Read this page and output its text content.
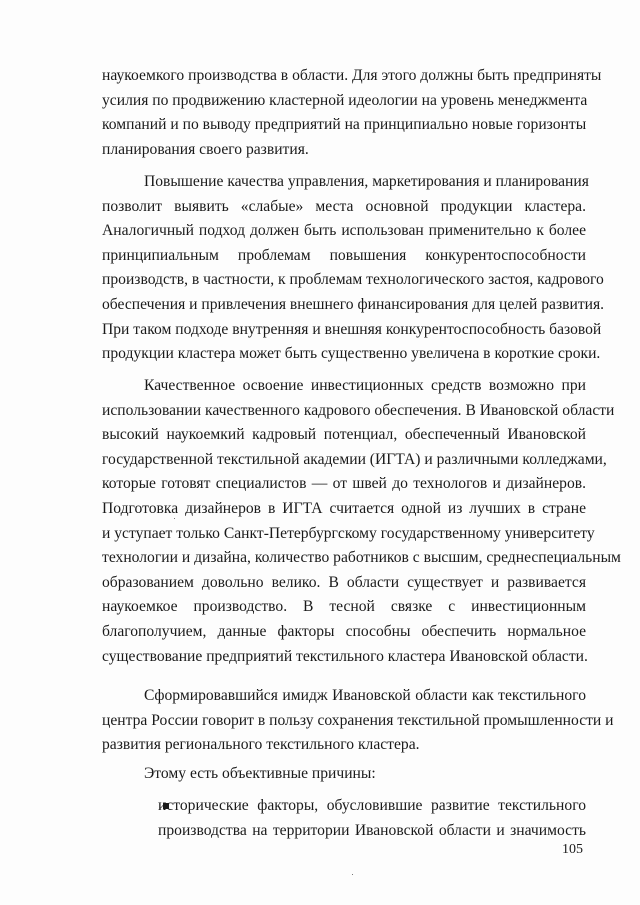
наукоемкого производства в области. Для этого должны быть предприняты
усилия по продвижению кластерной идеологии на уровень менеджмента
компаний и по выводу предприятий на принципиально новые горизонты
планирования своего развития.
Повышение качества управления, маркетирования и планирования
позволит выявить «слабые» места основной продукции кластера.
Аналогичный подход должен быть использован применительно к более
принципиальным проблемам повышения конкурентоспособности
производств, в частности, к проблемам технологического застоя, кадрового
обеспечения и привлечения внешнего финансирования для целей развития.
При таком подходе внутренняя и внешняя конкурентоспособность базовой
продукции кластера может быть существенно увеличена в короткие сроки.
Качественное освоение инвестиционных средств возможно при
использовании качественного кадрового обеспечения. В Ивановской области
высокий наукоемкий кадровый потенциал, обеспеченный Ивановской
государственной текстильной академии (ИГТА) и различными колледжами,
которые готовят специалистов — от швей до технологов и дизайнеров.
Подготовка дизайнеров в ИГТА считается одной из лучших в стране
и уступает только Санкт-Петербургскому государственному университету
технологии и дизайна, количество работников с высшим, среднеспециальным
образованием довольно велико. В области существует и развивается
наукоемкое производство. В тесной связке с инвестиционным
благополучием, данные факторы способны обеспечить нормальное
существование предприятий текстильного кластера Ивановской области.
Сформировавшийся имидж Ивановской области как текстильного
центра России говорит в пользу сохранения текстильной промышленности и
развития регионального текстильного кластера.
Этому есть объективные причины:
исторические факторы, обусловившие развитие текстильного
производства на территории Ивановской области и значимость
105
